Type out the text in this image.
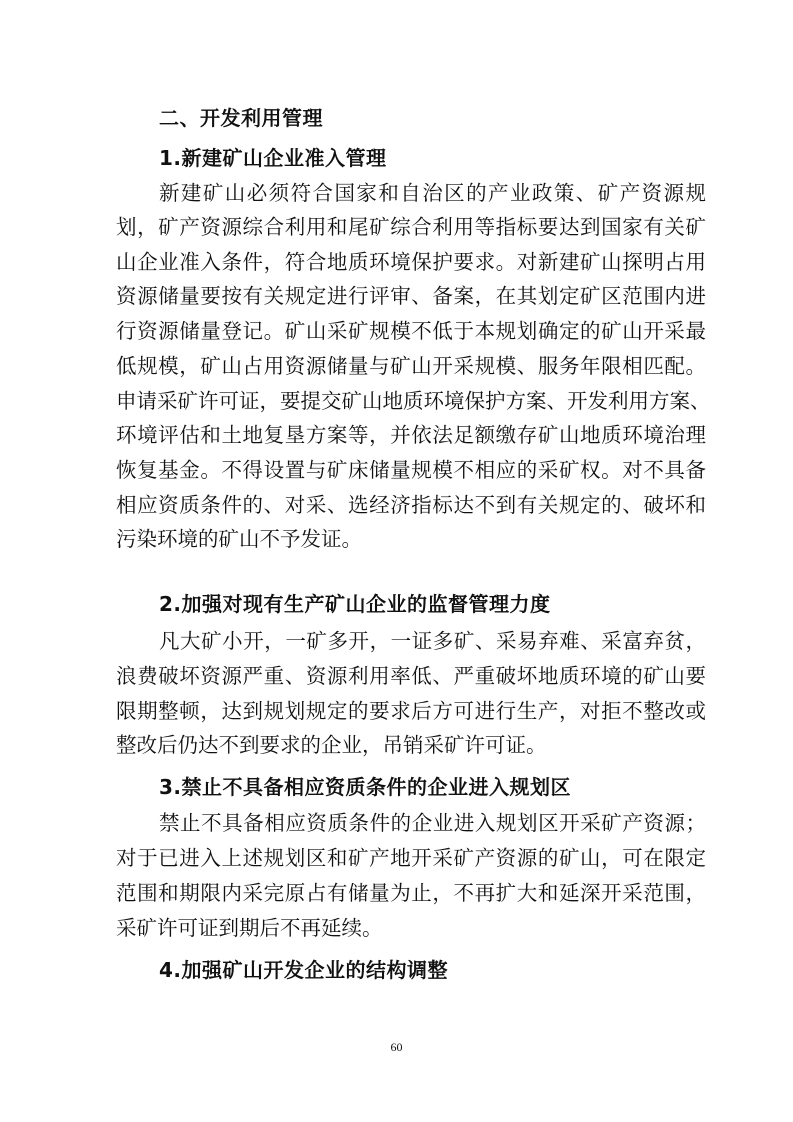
二、开发利用管理
1.新建矿山企业准入管理
新建矿山必须符合国家和自治区的产业政策、矿产资源规
划，矿产资源综合利用和尾矿综合利用等指标要达到国家有关矿
山企业准入条件，符合地质环境保护要求。对新建矿山探明占用
资源储量要按有关规定进行评审、备案，在其划定矿区范围内进
行资源储量登记。矿山采矿规模不低于本规划确定的矿山开采最
低规模，矿山占用资源储量与矿山开采规模、服务年限相匹配。
申请采矿许可证，要提交矿山地质环境保护方案、开发利用方案、
环境评估和土地复垦方案等，并依法足额缴存矿山地质环境治理
恢复基金。不得设置与矿床储量规模不相应的采矿权。对不具备
相应资质条件的、对采、选经济指标达不到有关规定的、破坏和
污染环境的矿山不予发证。
2.加强对现有生产矿山企业的监督管理力度
凡大矿小开，一矿多开，一证多矿、采易弃难、采富弃贫，
浪费破坏资源严重、资源利用率低、严重破坏地质环境的矿山要
限期整顿，达到规划规定的要求后方可进行生产，对拒不整改或
整改后仍达不到要求的企业，吊销采矿许可证。
3.禁止不具备相应资质条件的企业进入规划区
禁止不具备相应资质条件的企业进入规划区开采矿产资源；
对于已进入上述规划区和矿产地开采矿产资源的矿山，可在限定
范围和期限内采完原占有储量为止，不再扩大和延深开采范围，
采矿许可证到期后不再延续。
4.加强矿山开发企业的结构调整
60
